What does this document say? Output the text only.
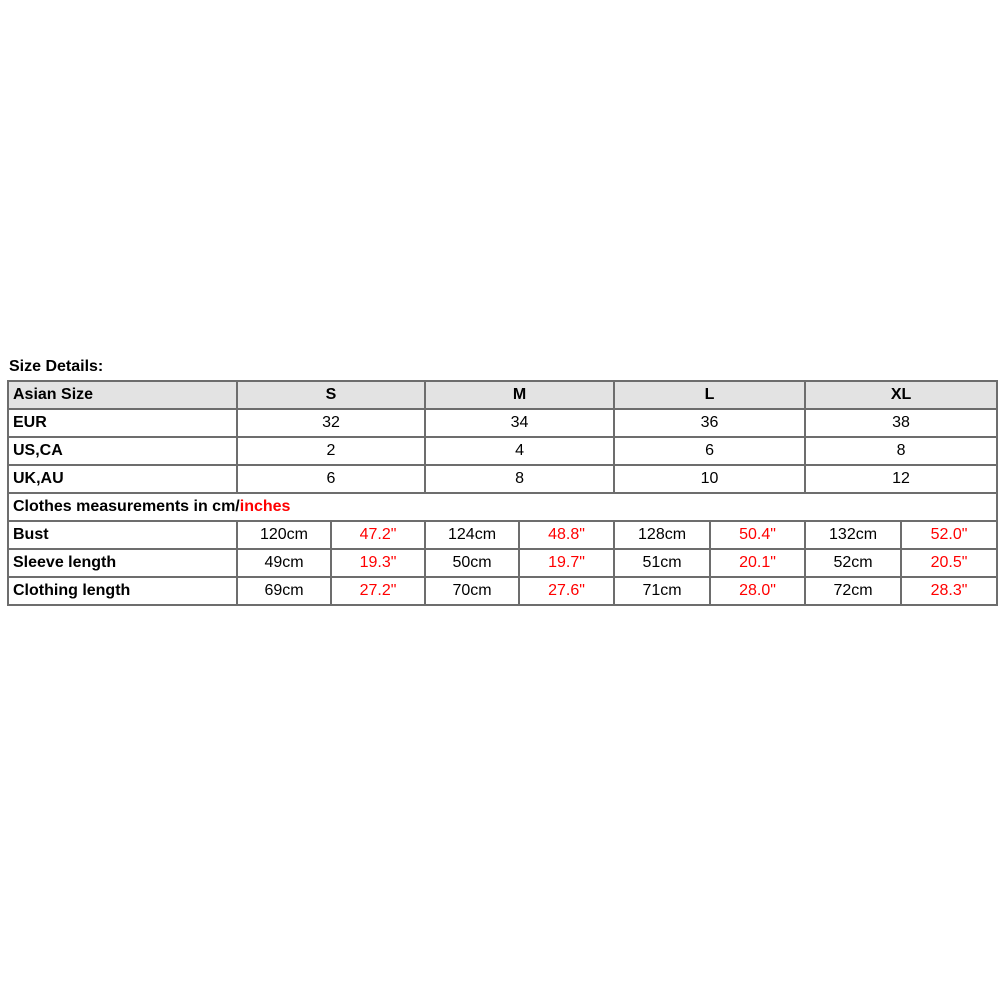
Size Details:
Asian Size	S		M		L		XL	
EUR	32		34		36		38	
US,CA	2		4		6		8	
UK,AU	6		8		10		12	
Clothes measurements in cm/inches								
Bust	120cm	47.2"	124cm	48.8"	128cm	50.4"	132cm	52.0"
Sleeve length	49cm	19.3"	50cm	19.7"	51cm	20.1"	52cm	20.5"
Clothing length	69cm	27.2"	70cm	27.6"	71cm	28.0"	72cm	28.3"
